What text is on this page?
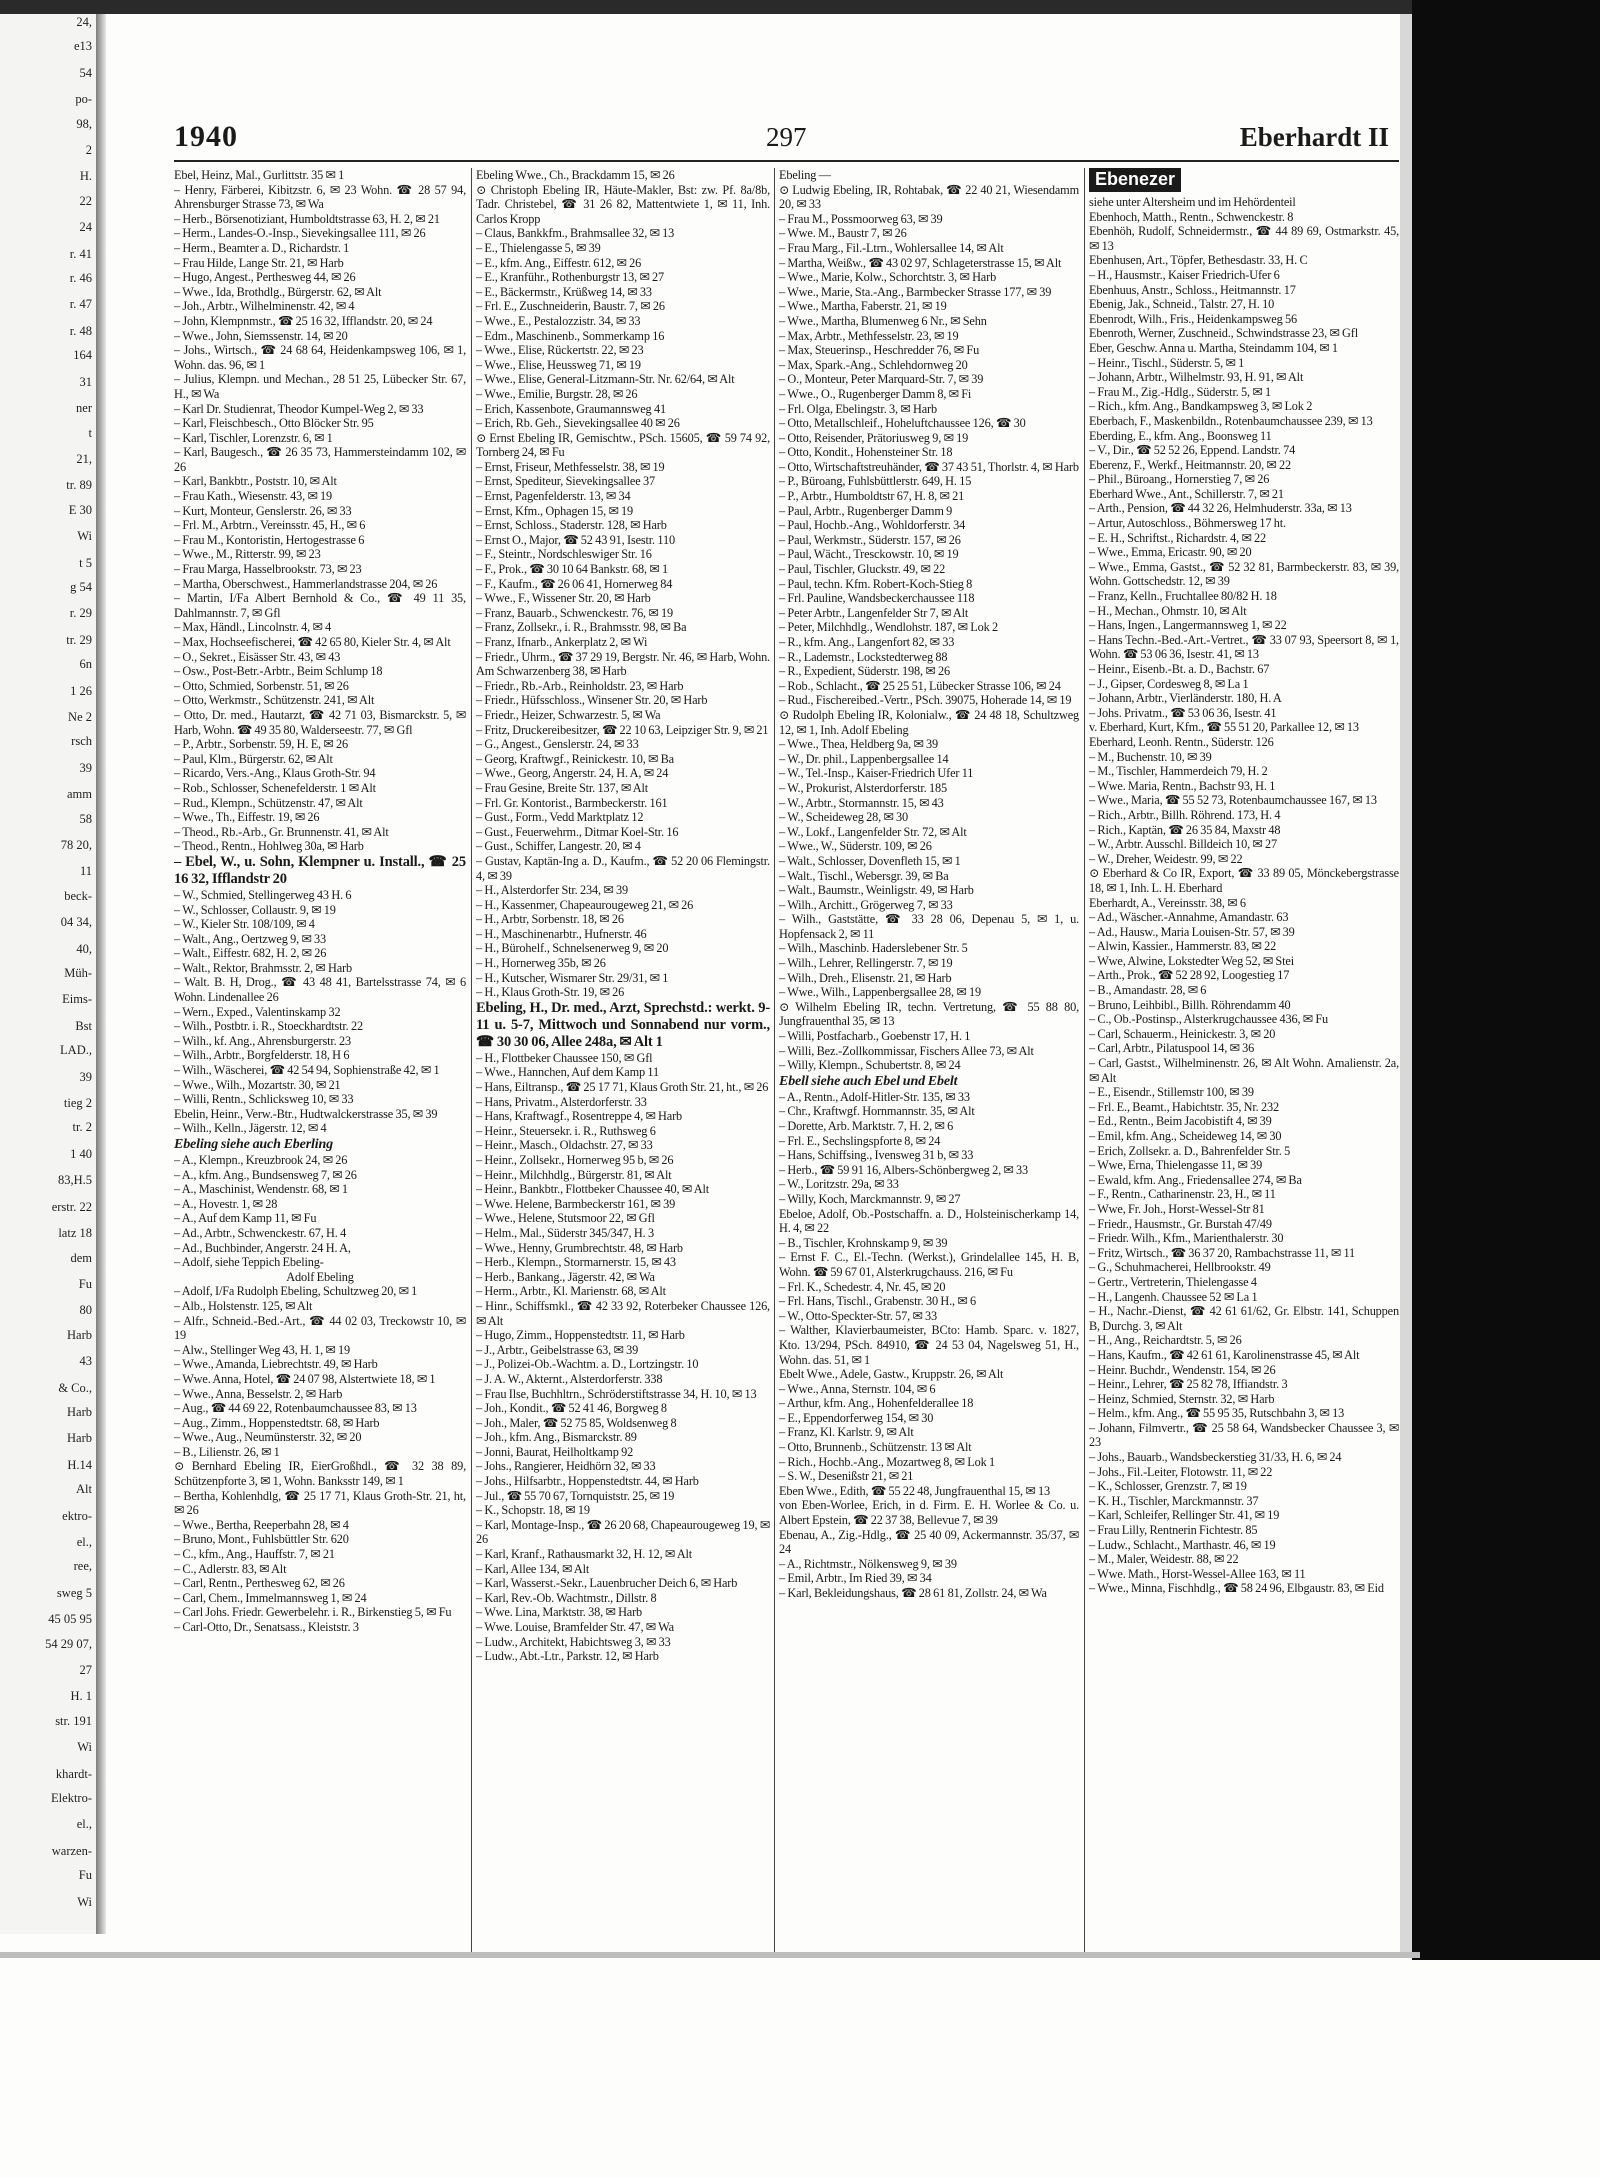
24,
e13
54
po-
98,
2
H.
22
24
r. 41
r. 46
r. 47
r. 48
164
31
ner
t
21,
tr. 89
E 30
Wi
t 5
g 54
r. 29
tr. 29
6n
1 26
Ne 2
rsch
39
amm
58
78 20,
11
beck-
04 34,
40,
Müh-
Eims-
Bst
LAD.,
39
tieg 2
tr. 2
1 40
83,H.5
erstr. 22
latz 18
dem
Fu
80
Harb
43
& Co.,
Harb
Harb
H.14
Alt
ektro-
el.,
ree,
sweg 5
45 05 95
54 29 07,
27
H. 1
str. 191
Wi
khardt-
Elektro-
el.,
warzen-
Fu
Wi
1940	297	Eberhardt II

Ebel, Heinz, Mal., Gurlittstr. 35 ✉ 1

– Henry, Färberei, Kibitzstr. 6, ✉ 23 Wohn. ☎ 28 57 94, Ahrensburger Strasse 73, ✉ Wa

– Herb., Börsenotiziant, Humboldtstrasse 63, H. 2, ✉ 21

– Herm., Landes-O.-Insp., Sievekingsallee 111, ✉ 26

– Herm., Beamter a. D., Richardstr. 1

– Frau Hilde, Lange Str. 21, ✉ Harb

– Hugo, Angest., Perthesweg 44, ✉ 26

– Wwe., Ida, Brothdlg., Bürgerstr. 62, ✉ Alt

– Joh., Arbtr., Wilhelminenstr. 42, ✉ 4

– John, Klempnmstr., ☎ 25 16 32, Ifflandstr. 20, ✉ 24

– Wwe., John, Siemssenstr. 14, ✉ 20

– Johs., Wirtsch., ☎ 24 68 64, Heidenkampsweg 106, ✉ 1, Wohn. das. 96, ✉ 1

– Julius, Klempn. und Mechan., 28 51 25, Lübecker Str. 67, H., ✉ Wa

– Karl Dr. Studienrat, Theodor Kumpel-Weg 2, ✉ 33

– Karl, Fleischbesch., Otto Blöcker Str. 95

– Karl, Tischler, Lorenzstr. 6, ✉ 1

– Karl, Baugesch., ☎ 26 35 73, Hammersteindamm 102, ✉ 26

– Karl, Bankbtr., Poststr. 10, ✉ Alt

– Frau Kath., Wiesenstr. 43, ✉ 19

– Kurt, Monteur, Genslerstr. 26, ✉ 33

– Frl. M., Arbtrn., Vereinsstr. 45, H., ✉ 6

– Frau M., Kontoristin, Hertogestrasse 6

– Wwe., M., Ritterstr. 99, ✉ 23

– Frau Marga, Hasselbrookstr. 73, ✉ 23

– Martha, Oberschwest., Hammerlandstrasse 204, ✉ 26

– Martin, I/Fa Albert Bernhold & Co., ☎ 49 11 35, Dahlmannstr. 7, ✉ Gfl

– Max, Händl., Lincolnstr. 4, ✉ 4

– Max, Hochseefischerei, ☎ 42 65 80, Kieler Str. 4, ✉ Alt

– O., Sekret., Eisässer Str. 43, ✉ 43

– Osw., Post-Betr.-Arbtr., Beim Schlump 18

– Otto, Schmied, Sorbenstr. 51, ✉ 26

– Otto, Werkmstr., Schützenstr. 241, ✉ Alt

– Otto, Dr. med., Hautarzt, ☎ 42 71 03, Bismarckstr. 5, ✉ Harb, Wohn. ☎ 49 35 80, Walderseestr. 77, ✉ Gfl

– P., Arbtr., Sorbenstr. 59, H. E, ✉ 26

– Paul, Klm., Bürgerstr. 62, ✉ Alt

– Ricardo, Vers.-Ang., Klaus Groth-Str. 94

– Rob., Schlosser, Schenefelderstr. 1 ✉ Alt

– Rud., Klempn., Schützenstr. 47, ✉ Alt

– Wwe., Th., Eiffestr. 19, ✉ 26

– Theod., Rb.-Arb., Gr. Brunnenstr. 41, ✉ Alt

– Theod., Rentn., Hohlweg 30a, ✉ Harb

– Ebel, W., u. Sohn, Klempner u. Install., ☎ 25 16 32, Ifflandstr 20

– W., Schmied, Stellingerweg 43 H. 6

– W., Schlosser, Collaustr. 9, ✉ 19

– W., Kieler Str. 108/109, ✉ 4

– Walt., Ang., Oertzweg 9, ✉ 33

– Walt., Eiffestr. 682, H. 2, ✉ 26

– Walt., Rektor, Brahmsstr. 2, ✉ Harb

– Walt. B. H, Drog., ☎ 43 48 41, Bartelsstrasse 74, ✉ 6 Wohn. Lindenallee 26

– Wern., Exped., Valentinskamp 32

– Wilh., Postbtr. i. R., Stoeckhardtstr. 22

– Wilh., kf. Ang., Ahrensburgerstr. 23

– Wilh., Arbtr., Borgfelderstr. 18, H 6

– Wilh., Wäscherei, ☎ 42 54 94, Sophienstraße 42, ✉ 1

– Wwe., Wilh., Mozartstr. 30, ✉ 21

– Willi, Rentn., Schlicksweg 10, ✉ 33

Ebelin, Heinr., Verw.-Btr., Hudtwalckerstrasse 35, ✉ 39

– Wilh., Kelln., Jägerstr. 12, ✉ 4

Ebeling siehe auch Eberling

– A., Klempn., Kreuzbrook 24, ✉ 26

– A., kfm. Ang., Bundsensweg 7, ✉ 26

– A., Maschinist, Wendenstr. 68, ✉ 1

– A., Hovestr. 1, ✉ 28

– A., Auf dem Kamp 11, ✉ Fu

– Ad., Arbtr., Schwenckestr. 67, H. 4

– Ad., Buchbinder, Angerstr. 24 H. A,

– Adolf, siehe Teppich Ebeling-

Adolf Ebeling

– Adolf, I/Fa Rudolph Ebeling, Schultzweg 20, ✉ 1

– Alb., Holstenstr. 125, ✉ Alt

– Alfr., Schneid.-Bed.-Art., ☎ 44 02 03, Treckowstr 10, ✉ 19

– Alw., Stellinger Weg 43, H. 1, ✉ 19

– Wwe., Amanda, Liebrechtstr. 49, ✉ Harb

– Wwe. Anna, Hotel, ☎ 24 07 98, Alstertwiete 18, ✉ 1

– Wwe., Anna, Besselstr. 2, ✉ Harb

– Aug., ☎ 44 69 22, Rotenbaumchaussee 83, ✉ 13

– Aug., Zimm., Hoppenstedtstr. 68, ✉ Harb

– Wwe., Aug., Neumünsterstr. 32, ✉ 20

– B., Lilienstr. 26, ✉ 1

⊙ Bernhard Ebeling IR, EierGroßhdl., ☎ 32 38 89, Schützenpforte 3, ✉ 1, Wohn. Banksstr 149, ✉ 1

– Bertha, Kohlenhdlg, ☎ 25 17 71, Klaus Groth-Str. 21, ht, ✉ 26

– Wwe., Bertha, Reeperbahn 28, ✉ 4

– Bruno, Mont., Fuhlsbüttler Str. 620

– C., kfm., Ang., Hauffstr. 7, ✉ 21

– C., Adlerstr. 83, ✉ Alt

– Carl, Rentn., Perthesweg 62, ✉ 26

– Carl, Chem., Immelmannsweg 1, ✉ 24

– Carl Johs. Friedr. Gewerbelehr. i. R., Birkenstieg 5, ✉ Fu

– Carl-Otto, Dr., Senatsass., Kleiststr. 3

Ebeling Wwe., Ch., Brackdamm 15, ✉ 26

⊙ Christoph Ebeling IR, Häute-Makler, Bst: zw. Pf. 8a/8b, Tadr. Christebel, ☎ 31 26 82, Mattentwiete 1, ✉ 11, Inh. Carlos Kropp

– Claus, Bankkfm., Brahmsallee 32, ✉ 13

– E., Thielengasse 5, ✉ 39

– E., kfm. Ang., Eiffestr. 612, ✉ 26

– E., Kranführ., Rothenburgstr 13, ✉ 27

– E., Bäckermstr., Krüßweg 14, ✉ 33

– Frl. E., Zuschneiderin, Baustr. 7, ✉ 26

– Wwe., E., Pestalozzistr. 34, ✉ 33

– Edm., Maschinenb., Sommerkamp 16

– Wwe., Elise, Rückertstr. 22, ✉ 23

– Wwe., Elise, Heussweg 71, ✉ 19

– Wwe., Elise, General-Litzmann-Str. Nr. 62/64, ✉ Alt

– Wwe., Emilie, Burgstr. 28, ✉ 26

– Erich, Kassenbote, Graumannsweg 41

– Erich, Rb. Geh., Sievekingsallee 40 ✉ 26

⊙ Ernst Ebeling IR, Gemischtw., PSch. 15605, ☎ 59 74 92, Tornberg 24, ✉ Fu

– Ernst, Friseur, Methfesselstr. 38, ✉ 19

– Ernst, Spediteur, Sievekingsallee 37

– Ernst, Pagenfelderstr. 13, ✉ 34

– Ernst, Kfm., Ophagen 15, ✉ 19

– Ernst, Schloss., Staderstr. 128, ✉ Harb

– Ernst O., Major, ☎ 52 43 91, Isestr. 110

– F., Steintr., Nordschleswiger Str. 16

– F., Prok., ☎ 30 10 64 Bankstr. 68, ✉ 1

– F., Kaufm., ☎ 26 06 41, Hornerweg 84

– Wwe., F., Wissener Str. 20, ✉ Harb

– Franz, Bauarb., Schwenckestr. 76, ✉ 19

– Franz, Zollsekr., i. R., Brahmsstr. 98, ✉ Ba

– Franz, Ifnarb., Ankerplatz 2, ✉ Wi

– Friedr., Uhrm., ☎ 37 29 19, Bergstr. Nr. 46, ✉ Harb, Wohn. Am Schwarzenberg 38, ✉ Harb

– Friedr., Rb.-Arb., Reinholdstr. 23, ✉ Harb

– Friedr., Hüfsschloss., Winsener Str. 20, ✉ Harb

– Friedr., Heizer, Schwarzestr. 5, ✉ Wa

– Fritz, Druckereibesitzer, ☎ 22 10 63, Leipziger Str. 9, ✉ 21

– G., Angest., Genslerstr. 24, ✉ 33

– Georg, Kraftwgf., Reinickestr. 10, ✉ Ba

– Wwe., Georg, Angerstr. 24, H. A, ✉ 24

– Frau Gesine, Breite Str. 137, ✉ Alt

– Frl. Gr. Kontorist., Barmbeckerstr. 161

– Gust., Form., Vedd Marktplatz 12

– Gust., Feuerwehrm., Ditmar Koel-Str. 16

– Gust., Schiffer, Langestr. 20, ✉ 4

– Gustav, Kaptän-Ing a. D., Kaufm., ☎ 52 20 06 Flemingstr. 4, ✉ 39

– H., Alsterdorfer Str. 234, ✉ 39

– H., Kassenmer, Chapeaurougeweg 21, ✉ 26

– H., Arbtr, Sorbenstr. 18, ✉ 26

– H., Maschinenarbtr., Hufnerstr. 46

– H., Bürohelf., Schnelsenerweg 9, ✉ 20

– H., Hornerweg 35b, ✉ 26

– H., Kutscher, Wismarer Str. 29/31, ✉ 1

– H., Klaus Groth-Str. 19, ✉ 26

Ebeling, H., Dr. med., Arzt, Sprechstd.: werkt. 9-11 u. 5-7, Mittwoch und Sonnabend nur vorm., ☎ 30 30 06, Allee 248a, ✉ Alt 1

– H., Flottbeker Chaussee 150, ✉ Gfl

– Wwe., Hannchen, Auf dem Kamp 11

– Hans, Eiltransp., ☎ 25 17 71, Klaus Groth Str. 21, ht., ✉ 26

– Hans, Privatm., Alsterdorferstr. 33

– Hans, Kraftwagf., Rosentreppe 4, ✉ Harb

– Heinr., Steuersekr. i. R., Ruthsweg 6

– Heinr., Masch., Oldachstr. 27, ✉ 33

– Heinr., Zollsekr., Hornerweg 95 b, ✉ 26

– Heinr., Milchhdlg., Bürgerstr. 81, ✉ Alt

– Heinr., Bankbtr., Flottbeker Chaussee 40, ✉ Alt

– Wwe. Helene, Barmbeckerstr 161, ✉ 39

– Wwe., Helene, Stutsmoor 22, ✉ Gfl

– Helm., Mal., Süderstr 345/347, H. 3

– Wwe., Henny, Grumbrechtstr. 48, ✉ Harb

– Herb., Klempn., Stormarnerstr. 15, ✉ 43

– Herb., Bankang., Jägerstr. 42, ✉ Wa

– Herm., Arbtr., Kl. Marienstr. 68, ✉ Alt

– Hinr., Schiffsmkl., ☎ 42 33 92, Roterbeker Chaussee 126, ✉ Alt

– Hugo, Zimm., Hoppenstedtstr. 11, ✉ Harb

– J., Arbtr., Geibelstrasse 63, ✉ 39

– J., Polizei-Ob.-Wachtm. a. D., Lortzingstr. 10

– J. A. W., Akternt., Alsterdorferstr. 338

– Frau Ilse, Buchhltrn., Schröderstiftstrasse 34, H. 10, ✉ 13

– Joh., Kondit., ☎ 52 41 46, Borgweg 8

– Joh., Maler, ☎ 52 75 85, Woldsenweg 8

– Joh., kfm. Ang., Bismarckstr. 89

– Jonni, Baurat, Heilholtkamp 92

– Johs., Rangierer, Heidhörn 32, ✉ 33

– Johs., Hilfsarbtr., Hoppenstedtstr. 44, ✉ Harb

– Jul., ☎ 55 70 67, Tornquiststr. 25, ✉ 19

– K., Schopstr. 18, ✉ 19

– Karl, Montage-Insp., ☎ 26 20 68, Chapeaurougeweg 19, ✉ 26

– Karl, Kranf., Rathausmarkt 32, H. 12, ✉ Alt

– Karl, Allee 134, ✉ Alt

– Karl, Wasserst.-Sekr., Lauenbrucher Deich 6, ✉ Harb

– Karl, Rev.-Ob. Wachtmstr., Dillstr. 8

– Wwe. Lina, Marktstr. 38, ✉ Harb

– Wwe. Louise, Bramfelder Str. 47, ✉ Wa

– Ludw., Architekt, Habichtsweg 3, ✉ 33

– Ludw., Abt.-Ltr., Parkstr. 12, ✉ Harb

Ebeling —

⊙ Ludwig Ebeling, IR, Rohtabak, ☎ 22 40 21, Wiesendamm 20, ✉ 33

– Frau M., Possmoorweg 63, ✉ 39

– Wwe. M., Baustr 7, ✉ 26

– Frau Marg., Fil.-Ltrn., Wohlersallee 14, ✉ Alt

– Martha, Weißw., ☎ 43 02 97, Schlageterstrasse 15, ✉ Alt

– Wwe., Marie, Kolw., Schorchtstr. 3, ✉ Harb

– Wwe., Marie, Sta.-Ang., Barmbecker Strasse 177, ✉ 39

– Wwe., Martha, Faberstr. 21, ✉ 19

– Wwe., Martha, Blumenweg 6 Nr., ✉ Sehn

– Max, Arbtr., Methfesselstr. 23, ✉ 19

– Max, Steuerinsp., Heschredder 76, ✉ Fu

– Max, Spark.-Ang., Schlehdornweg 20

– O., Monteur, Peter Marquard-Str. 7, ✉ 39

– Wwe., O., Rugenberger Damm 8, ✉ Fi

– Frl. Olga, Ebelingstr. 3, ✉ Harb

– Otto, Metallschleif., Hoheluftchaussee 126, ☎ 30

– Otto, Reisender, Prätoriusweg 9, ✉ 19

– Otto, Kondit., Hohensteiner Str. 18

– Otto, Wirtschaftstreuhänder, ☎ 37 43 51, Thorlstr. 4, ✉ Harb

– P., Büroang, Fuhlsbüttlerstr. 649, H. 15

– P., Arbtr., Humboldtstr 67, H. 8, ✉ 21

– Paul, Arbtr., Rugenberger Damm 9

– Paul, Hochb.-Ang., Wohldorferstr. 34

– Paul, Werkmstr., Süderstr. 157, ✉ 26

– Paul, Wächt., Tresckowstr. 10, ✉ 19

– Paul, Tischler, Gluckstr. 49, ✉ 22

– Paul, techn. Kfm. Robert-Koch-Stieg 8

– Frl. Pauline, Wandsbeckerchaussee 118

– Peter Arbtr., Langenfelder Str 7, ✉ Alt

– Peter, Milchhdlg., Wendlohstr. 187, ✉ Lok 2

– R., kfm. Ang., Langenfort 82, ✉ 33

– R., Lademstr., Lockstedterweg 88

– R., Expedient, Süderstr. 198, ✉ 26

– Rob., Schlacht., ☎ 25 25 51, Lübecker Strasse 106, ✉ 24

– Rud., Fischereibed.-Vertr., PSch. 39075, Hoherade 14, ✉ 19

⊙ Rudolph Ebeling IR, Kolonialw., ☎ 24 48 18, Schultzweg 12, ✉ 1, Inh. Adolf Ebeling

– Wwe., Thea, Heldberg 9a, ✉ 39

– W., Dr. phil., Lappenbergsallee 14

– W., Tel.-Insp., Kaiser-Friedrich Ufer 11

– W., Prokurist, Alsterdorferstr. 185

– W., Arbtr., Stormannstr. 15, ✉ 43

– W., Scheideweg 28, ✉ 30

– W., Lokf., Langenfelder Str. 72, ✉ Alt

– Wwe., W., Süderstr. 109, ✉ 26

– Walt., Schlosser, Dovenfleth 15, ✉ 1

– Walt., Tischl., Webersgr. 39, ✉ Ba

– Walt., Baumstr., Weinligstr. 49, ✉ Harb

– Wilh., Architt., Grögerweg 7, ✉ 33

– Wilh., Gaststätte, ☎ 33 28 06, Depenau 5, ✉ 1, u. Hopfensack 2, ✉ 11

– Wilh., Maschinb. Haderslebener Str. 5

– Wilh., Lehrer, Rellingerstr. 7, ✉ 19

– Wilh., Dreh., Elisenstr. 21, ✉ Harb

– Wwe., Wilh., Lappenbergsallee 28, ✉ 19

⊙ Wilhelm Ebeling IR, techn. Vertretung, ☎ 55 88 80, Jungfrauenthal 35, ✉ 13

– Willi, Postfacharb., Goebenstr 17, H. 1

– Willi, Bez.-Zollkommissar, Fischers Allee 73, ✉ Alt

– Willy, Klempn., Schubertstr. 8, ✉ 24

Ebell siehe auch Ebel und Ebelt

– A., Rentn., Adolf-Hitler-Str. 135, ✉ 33

– Chr., Kraftwgf. Hornmannstr. 35, ✉ Alt

– Dorette, Arb. Marktstr. 7, H. 2, ✉ 6

– Frl. E., Sechslingspforte 8, ✉ 24

– Hans, Schiffsing., Ivensweg 31 b, ✉ 33

– Herb., ☎ 59 91 16, Albers-Schönbergweg 2, ✉ 33

– W., Loritzstr. 29a, ✉ 33

– Willy, Koch, Marckmannstr. 9, ✉ 27

Ebeloe, Adolf, Ob.-Postschaffn. a. D., Holsteinischerkamp 14, H. 4, ✉ 22

– B., Tischler, Krohnskamp 9, ✉ 39

– Ernst F. C., El.-Techn. (Werkst.), Grindelallee 145, H. B, Wohn. ☎ 59 67 01, Alsterkrugchauss. 216, ✉ Fu

– Frl. K., Schedestr. 4, Nr. 45, ✉ 20

– Frl. Hans, Tischl., Grabenstr. 30 H., ✉ 6

– W., Otto-Speckter-Str. 57, ✉ 33

– Walther, Klavierbaumeister, BCto: Hamb. Sparc. v. 1827, Kto. 13/294, PSch. 84910, ☎ 24 53 04, Nagelsweg 51, H., Wohn. das. 51, ✉ 1

Ebelt Wwe., Adele, Gastw., Kruppstr. 26, ✉ Alt

– Wwe., Anna, Sternstr. 104, ✉ 6

– Arthur, kfm. Ang., Hohenfelderallee 18

– E., Eppendorferweg 154, ✉ 30

– Franz, Kl. Karlstr. 9, ✉ Alt

– Otto, Brunnenb., Schützenstr. 13 ✉ Alt

– Rich., Hochb.-Ang., Mozartweg 8, ✉ Lok 1

– S. W., Desenißstr 21, ✉ 21

Eben Wwe., Edith, ☎ 55 22 48, Jungfrauenthal 15, ✉ 13

von Eben-Worlee, Erich, in d. Firm. E. H. Worlee & Co. u. Albert Epstein, ☎ 22 37 38, Bellevue 7, ✉ 39

Ebenau, A., Zig.-Hdlg., ☎ 25 40 09, Ackermannstr. 35/37, ✉ 24

– A., Richtmstr., Nölkensweg 9, ✉ 39

– Emil, Arbtr., Im Ried 39, ✉ 34

– Karl, Bekleidungshaus, ☎ 28 61 81, Zollstr. 24, ✉ Wa

Ebenezer

siehe unter Altersheim und im Hehördenteil

Ebenhoch, Matth., Rentn., Schwenckestr. 8

Ebenhöh, Rudolf, Schneidermstr., ☎ 44 89 69, Ostmarkstr. 45, ✉ 13

Ebenhusen, Art., Töpfer, Bethesdastr. 33, H. C

– H., Hausmstr., Kaiser Friedrich-Ufer 6

Ebenhuus, Anstr., Schloss., Heitmannstr. 17

Ebenig, Jak., Schneid., Talstr. 27, H. 10

Ebenrodt, Wilh., Fris., Heidenkampsweg 56

Ebenroth, Werner, Zuschneid., Schwindstrasse 23, ✉ Gfl

Eber, Geschw. Anna u. Martha, Steindamm 104, ✉ 1

– Heinr., Tischl., Süderstr. 5, ✉ 1

– Johann, Arbtr., Wilhelmstr. 93, H. 91, ✉ Alt

– Frau M., Zig.-Hdlg., Süderstr. 5, ✉ 1

– Rich., kfm. Ang., Bandkampsweg 3, ✉ Lok 2

Eberbach, F., Maskenbildn., Rotenbaumchaussee 239, ✉ 13

Eberding, E., kfm. Ang., Boonsweg 11

– V., Dir., ☎ 52 52 26, Eppend. Landstr. 74

Eberenz, F., Werkf., Heitmannstr. 20, ✉ 22

– Phil., Büroang., Hornerstieg 7, ✉ 26

Eberhard Wwe., Ant., Schillerstr. 7, ✉ 21

– Arth., Pension, ☎ 44 32 26, Helmhuderstr. 33a, ✉ 13

– Artur, Autoschloss., Böhmersweg 17 ht.

– E. H., Schriftst., Richardstr. 4, ✉ 22

– Wwe., Emma, Ericastr. 90, ✉ 20

– Wwe., Emma, Gastst., ☎ 52 32 81, Barmbeckerstr. 83, ✉ 39, Wohn. Gottschedstr. 12, ✉ 39

– Franz, Kelln., Fruchtallee 80/82 H. 18

– H., Mechan., Ohmstr. 10, ✉ Alt

– Hans, Ingen., Langermannsweg 1, ✉ 22

– Hans Techn.-Bed.-Art.-Vertret., ☎ 33 07 93, Speersort 8, ✉ 1, Wohn. ☎ 53 06 36, Isestr. 41, ✉ 13

– Heinr., Eisenb.-Bt. a. D., Bachstr. 67

– J., Gipser, Cordesweg 8, ✉ La 1

– Johann, Arbtr., Vierländerstr. 180, H. A

– Johs. Privatm., ☎ 53 06 36, Isestr. 41

v. Eberhard, Kurt, Kfm., ☎ 55 51 20, Parkallee 12, ✉ 13

Eberhard, Leonh. Rentn., Süderstr. 126

– M., Buchenstr. 10, ✉ 39

– M., Tischler, Hammerdeich 79, H. 2

– Wwe. Maria, Rentn., Bachstr 93, H. 1

– Wwe., Maria, ☎ 55 52 73, Rotenbaumchaussee 167, ✉ 13

– Rich., Arbtr., Billh. Röhrend. 173, H. 4

– Rich., Kaptän, ☎ 26 35 84, Maxstr 48

– W., Arbtr. Ausschl. Billdeich 10, ✉ 27

– W., Dreher, Weidestr. 99, ✉ 22

⊙ Eberhard & Co IR, Export, ☎ 33 89 05, Mönckebergstrasse 18, ✉ 1, Inh. L. H. Eberhard

Eberhardt, A., Vereinsstr. 38, ✉ 6

– Ad., Wäscher.-Annahme, Amandastr. 63

– Ad., Hausw., Maria Louisen-Str. 57, ✉ 39

– Alwin, Kassier., Hammerstr. 83, ✉ 22

– Wwe, Alwine, Lokstedter Weg 52, ✉ Stei

– Arth., Prok., ☎ 52 28 92, Loogestieg 17

– B., Amandastr. 28, ✉ 6

– Bruno, Leihbibl., Billh. Röhrendamm 40

– C., Ob.-Postinsp., Alsterkrugchaussee 436, ✉ Fu

– Carl, Schauerm., Heinickestr. 3, ✉ 20

– Carl, Arbtr., Pilatuspool 14, ✉ 36

– Carl, Gastst., Wilhelminenstr. 26, ✉ Alt Wohn. Amalienstr. 2a, ✉ Alt

– E., Eisendr., Stillemstr 100, ✉ 39

– Frl. E., Beamt., Habichtstr. 35, Nr. 232

– Ed., Rentn., Beim Jacobistift 4, ✉ 39

– Emil, kfm. Ang., Scheideweg 14, ✉ 30

– Erich, Zollsekr. a. D., Bahrenfelder Str. 5

– Wwe, Erna, Thielengasse 11, ✉ 39

– Ewald, kfm. Ang., Friedensallee 274, ✉ Ba

– F., Rentn., Catharinenstr. 23, H., ✉ 11

– Wwe, Fr. Joh., Horst-Wessel-Str 81

– Friedr., Hausmstr., Gr. Burstah 47/49

– Friedr. Wilh., Kfm., Marienthalerstr. 30

– Fritz, Wirtsch., ☎ 36 37 20, Rambachstrasse 11, ✉ 11

– G., Schuhmacherei, Hellbrookstr. 49

– Gertr., Vertreterin, Thielengasse 4

– H., Langenh. Chaussee 52 ✉ La 1

– H., Nachr.-Dienst, ☎ 42 61 61/62, Gr. Elbstr. 141, Schuppen B, Durchg. 3, ✉ Alt

– H., Ang., Reichardtstr. 5, ✉ 26

– Hans, Kaufm., ☎ 42 61 61, Karolinenstrasse 45, ✉ Alt

– Heinr. Buchdr., Wendenstr. 154, ✉ 26

– Heinr., Lehrer, ☎ 25 82 78, Iffiandstr. 3

– Heinz, Schmied, Sternstr. 32, ✉ Harb

– Helm., kfm. Ang., ☎ 55 95 35, Rutschbahn 3, ✉ 13

– Johann, Filmvertr., ☎ 25 58 64, Wandsbecker Chaussee 3, ✉ 23

– Johs., Bauarb., Wandsbeckerstieg 31/33, H. 6, ✉ 24

– Johs., Fil.-Leiter, Flotowstr. 11, ✉ 22

– K., Schlosser, Grenzstr. 7, ✉ 19

– K. H., Tischler, Marckmannstr. 37

– Karl, Schleifer, Rellinger Str. 41, ✉ 19

– Frau Lilly, Rentnerin Fichtestr. 85

– Ludw., Schlacht., Marthastr. 46, ✉ 19

– M., Maler, Weidestr. 88, ✉ 22

– Wwe. Math., Horst-Wessel-Allee 163, ✉ 11

– Wwe., Minna, Fischhdlg., ☎ 58 24 96, Elbgaustr. 83, ✉ Eid
